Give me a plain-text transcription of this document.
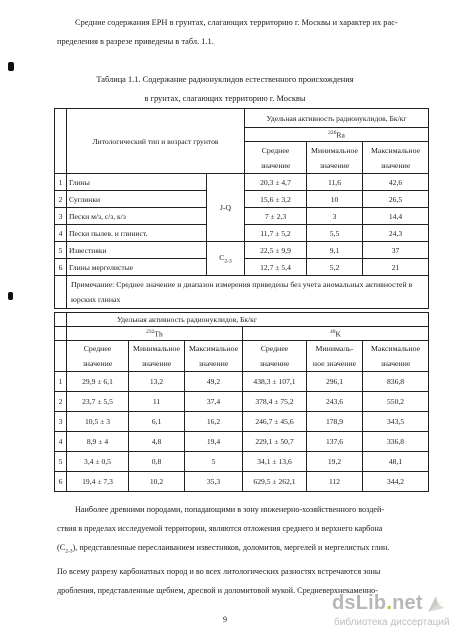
Средние содержания ЕРН в грунтах, слагающих территорию г. Москвы и характер их рас-
пределения в разрезе приведены в табл. 1.1.
Таблица 1.1. Содержание радионуклидов естественного происхождения
в грунтах, слагающих территорию г. Москвы
	Литологический тип и возраст грунтов		Удельная активность радионуклидов, Бк/кг		
			$^{226}$Ra		
			Среднее значение	Минимальное значение	Максимальное значение
1	Глины	J-Q	20,3 ± 4,7	11,6	42,6
2	Суглинки		15,6 ± 3,2	10	26,5
3	Пески м/з, с/з, к/з		7 ± 2,3	3	14,4
4	Пески пылев. и глинист.		11,7 ± 5,2	5,5	24,3
5	Известняки	$C_{2-3}$	22,5 ± 9,9	9,1	37
6	Глины мергелистые		12,7 ± 5,4	5,2	21
	Примечание: Среднее значение и диапазон измерения приведены без учета аномальных активностей в юрских глинах				
	Удельная активность радионуклидов, Бк/кг					
	$^{232}$Th			$^{40}$K		
	Среднее значение	Минимальное значение	Максимальное значение	Среднее значение	Минималь-ное значение	Максимальное значение
1	29,9 ± 6,1	13,2	49,2	438,3 ± 107,1	296,1	836,8
2	23,7 ± 5,5	11	37,4	378,4 ± 75,2	243,6	550,2
3	10,5 ± 3	6,1	16,2	246,7 ± 45,6	178,9	343,5
4	8,9 ± 4	4,8	19,4	229,1 ± 50,7	137,6	336,8
5	3,4 ± 0,5	0,8	5	34,1 ± 13,6	19,2	48,1
6	19,4 ± 7,3	10,2	35,3	629,5 ± 262,1	112	344,2
Наиболее древними породами, попадающими в зону инженерно-хозяйственного воздей-
ствия в пределах исследуемой территории, являются отложения среднего и верхнего карбона
$(C_{2-3})$, представленные переслаиванием известняков, доломитов, мергелей и мергелистых глин.
По всему разрезу карбонатных пород и во всех литологических разностях встречаются зоны
дробления, представленные щебнем, дресвой и доломитовой мукой. Средневерхнекаменно-
9
dsLib.net
библиотека диссертаций
